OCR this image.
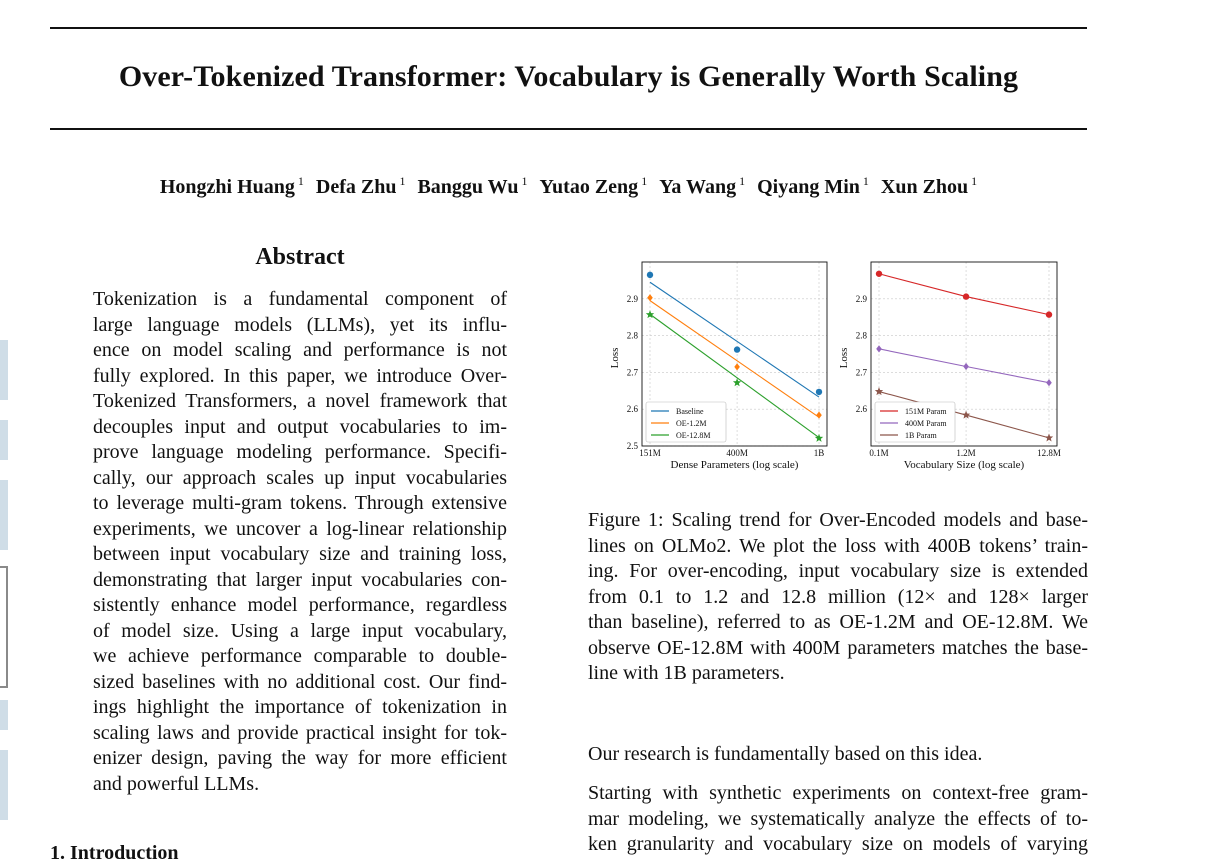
Over-Tokenized Transformer: Vocabulary is Generally Worth Scaling
Hongzhi Huang $^1$ Defa Zhu $^1$ Banggu Wu $^1$ Yutao Zeng $^1$ Ya Wang $^1$ Qiyang Min $^1$ Xun Zhou $^1$
Abstract
Tokenization is a fundamental component of
large language models (LLMs), yet its influ-
ence on model scaling and performance is not
fully explored. In this paper, we introduce Over-
Tokenized Transformers, a novel framework that
decouples input and output vocabularies to im-
prove language modeling performance. Specifi-
cally, our approach scales up input vocabularies
to leverage multi-gram tokens. Through extensive
experiments, we uncover a log-linear relationship
between input vocabulary size and training loss,
demonstrating that larger input vocabularies con-
sistently enhance model performance, regardless
of model size. Using a large input vocabulary,
we achieve performance comparable to double-
sized baselines with no additional cost. Our find-
ings highlight the importance of tokenization in
scaling laws and provide practical insight for tok-
enizer design, paving the way for more efficient
and powerful LLMs.
2.5
2.6
2.7
2.8
2.9
151M	400M	1B
Dense Parameters (log scale)
Loss
Baseline
OE-1.2M
OE-12.8M
2.6
2.7
2.8
2.9
0.1M	1.2M	12.8M
Vocabulary Size (log scale)
Loss
151M Param
400M Param
1B Param
Figure 1: Scaling trend for Over-Encoded models and base-
lines on OLMo2. We plot the loss with 400B tokens’ train-
ing. For over-encoding, input vocabulary size is extended
from 0.1 to 1.2 and 12.8 million (12× and 128× larger
than baseline), referred to as OE-1.2M and OE-12.8M. We
observe OE-12.8M with 400M parameters matches the base-
line with 1B parameters.
Our research is fundamentally based on this idea.
Starting with synthetic experiments on context-free gram-
mar modeling, we systematically analyze the effects of to-
ken granularity and vocabulary size on models of varying
1. Introduction
